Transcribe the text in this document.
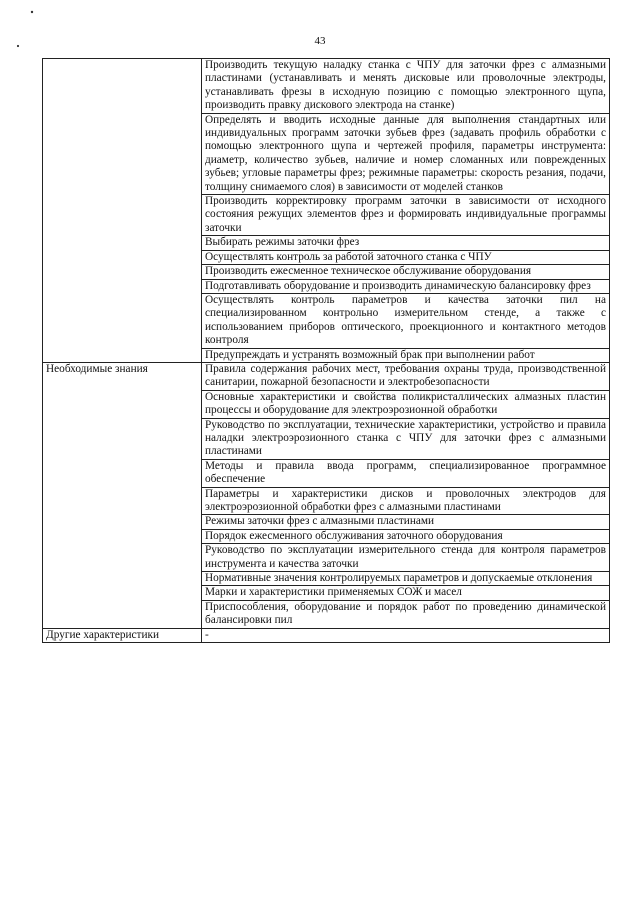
43
	Производить текущую наладку станка с ЧПУ для заточки фрез с алмазными пластинами (устанавливать и менять дисковые или проволочные электроды, устанавливать фрезы в исходную позицию с помощью электронного щупа, производить правку дискового электрода на станке)
	Определять и вводить исходные данные для выполнения стандартных или индивидуальных программ заточки зубьев фрез (задавать профиль обработки с помощью электронного щупа и чертежей профиля, параметры инструмента: диаметр, количество зубьев, наличие и номер сломанных или поврежденных зубьев; угловые параметры фрез; режимные параметры: скорость резания, подачи, толщину снимаемого слоя) в зависимости от моделей станков
	Производить корректировку программ заточки в зависимости от исходного состояния режущих элементов фрез и формировать индивидуальные программы заточки
	Выбирать режимы заточки фрез
	Осуществлять контроль за работой заточного станка с ЧПУ
	Производить ежесменное техническое обслуживание оборудования
	Подготавливать оборудование и производить динамическую балансировку фрез
	Осуществлять контроль параметров и качества заточки пил на специализированном контрольно измерительном стенде, а также с использованием приборов оптического, проекционного и контактного методов контроля
	Предупреждать и устранять возможный брак при выполнении работ
Необходимые знания	Правила содержания рабочих мест, требования охраны труда, производственной санитарии, пожарной безопасности и электробезопасности
	Основные характеристики и свойства поликристаллических алмазных пластин процессы и оборудование для электроэрозионной обработки
	Руководство по эксплуатации, технические характеристики, устройство и правила наладки электроэрозионного станка с ЧПУ для заточки фрез с алмазными пластинами
	Методы и правила ввода программ, специализированное программное обеспечение
	Параметры и характеристики дисков и проволочных электродов для электроэрозионной обработки фрез с алмазными пластинами
	Режимы заточки фрез с алмазными пластинами
	Порядок ежесменного обслуживания заточного оборудования
	Руководство по эксплуатации измерительного стенда для контроля параметров инструмента и качества заточки
	Нормативные значения контролируемых параметров и допускаемые отклонения
	Марки и характеристики применяемых СОЖ и масел
	Приспособления, оборудование и порядок работ по проведению динамической балансировки пил
Другие характеристики	-
